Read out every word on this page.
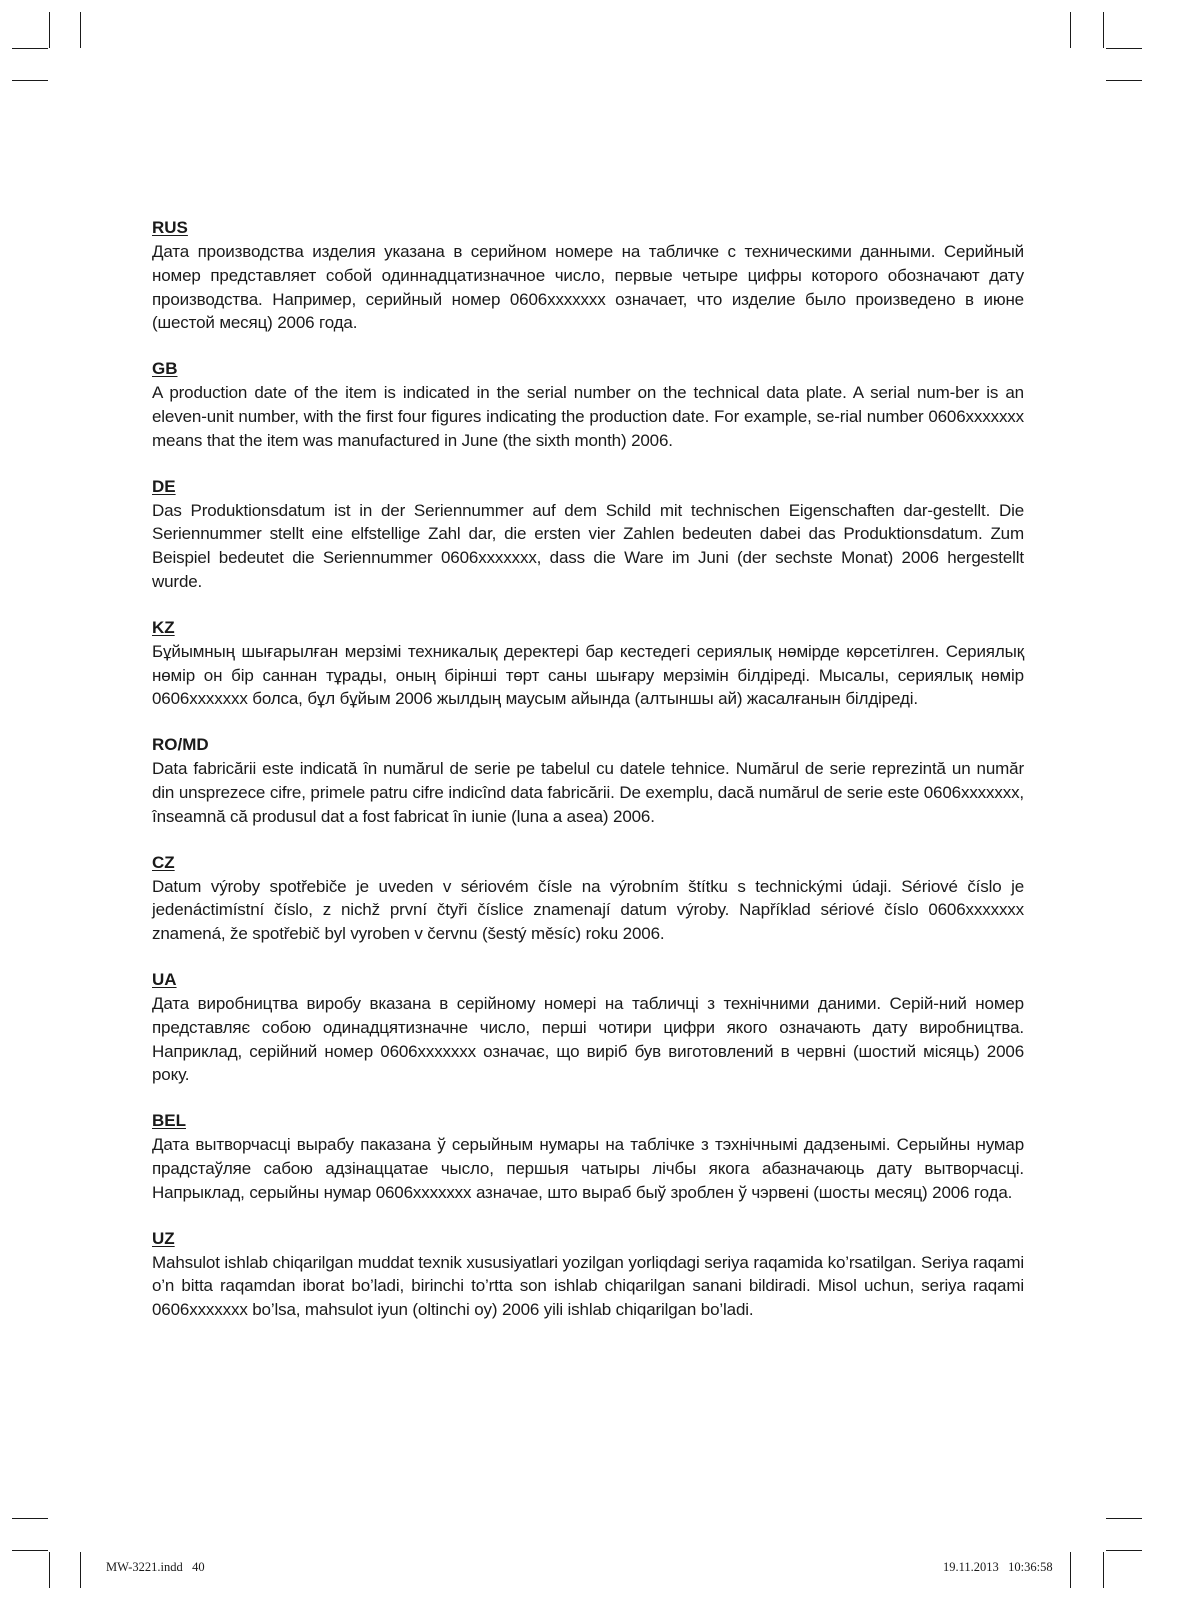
RUS

Дата производства изделия указана в серийном номере на табличке с техническими данными. Серийный номер представляет собой одиннадцатизначное число, первые четыре цифры которого обозначают дату производства. Например, серийный номер 0606xxxxxxx означает, что изделие было произведено в июне (шестой месяц) 2006 года.

GB

A production date of the item is indicated in the serial number on the technical data plate. A serial num-ber is an eleven-unit number, with the first four figures indicating the production date. For example, se-rial number 0606xxxxxxx means that the item was manufactured in June (the sixth month) 2006.

DE

Das Produktionsdatum ist in der Seriennummer auf dem Schild mit technischen Eigenschaften dar-gestellt. Die Seriennummer stellt eine elfstellige Zahl dar, die ersten vier Zahlen bedeuten dabei das Produktionsdatum. Zum Beispiel bedeutet die Seriennummer 0606xxxxxxx, dass die Ware im Juni (der sechste Monat) 2006 hergestellt wurde.

KZ

Бұйымның шығарылған мерзімі техникалық деректері бар кестедегі сериялық нөмірде көрсетілген. Сериялық нөмір он бір саннан тұрады, оның бірінші төрт саны шығару мерзімін білдіреді. Мысалы, сериялық нөмір 0606ххххххх болса, бұл бұйым 2006 жылдың маусым айында (алтыншы ай) жасалғанын білдіреді.

RO/MD

Data fabricării este indicată în numărul de serie pe tabelul cu datele tehnice. Numărul de serie reprezintă un număr din unsprezece cifre, primele patru cifre indicînd data fabricării. De exemplu, dacă numărul de serie este 0606xxxxxxx, înseamnă că produsul dat a fost fabricat în iunie (luna a asea) 2006.

CZ

Datum výroby spotřebiče je uveden v sériovém čísle na výrobním štítku s technickými údaji. Sériové číslo je jedenáctimístní číslo, z nichž první čtyři číslice znamenají datum výroby. Například sériové číslo 0606xxxxxxx znamená, že spotřebič byl vyroben v červnu (šestý měsíc) roku 2006.

UA

Дата виробництва виробу вказана в серійному номері на табличці з технічними даними. Серій-ний номер представляє собою одинадцятизначне число, перші чотири цифри якого означають дату виробництва. Наприклад, серійний номер 0606xxxxxxx означає, що виріб був виготовлений в червні (шостий місяць) 2006 року.

BEL

Дата вытворчасці вырабу паказана ў серыйным нумары на таблічке з тэхнічнымі дадзенымі. Серыйны нумар прадстаўляе сабою адзінаццатае чысло, першыя чатыры лічбы якога абазначаюць дату вытворчасці. Напрыклад, серыйны нумар 0606xxxxxxx азначае, што выраб быў зроблен ў чэрвені (шосты месяц) 2006 года.

UZ

Mahsulot ishlab chiqarilgan muddat texnik xususiyatlari yozilgan yorliqdagi seriya raqamida ko’rsatilgan. Seriya raqami o’n bitta raqamdan iborat bo’ladi, birinchi to’rtta son ishlab chiqarilgan sanani bildiradi. Misol uchun, seriya raqami 0606xxxxxxx bo’lsa, mahsulot iyun (oltinchi oy) 2006 yili ishlab chiqarilgan bo’ladi.

MW-3221.indd   40	19.11.2013   10:36:58
